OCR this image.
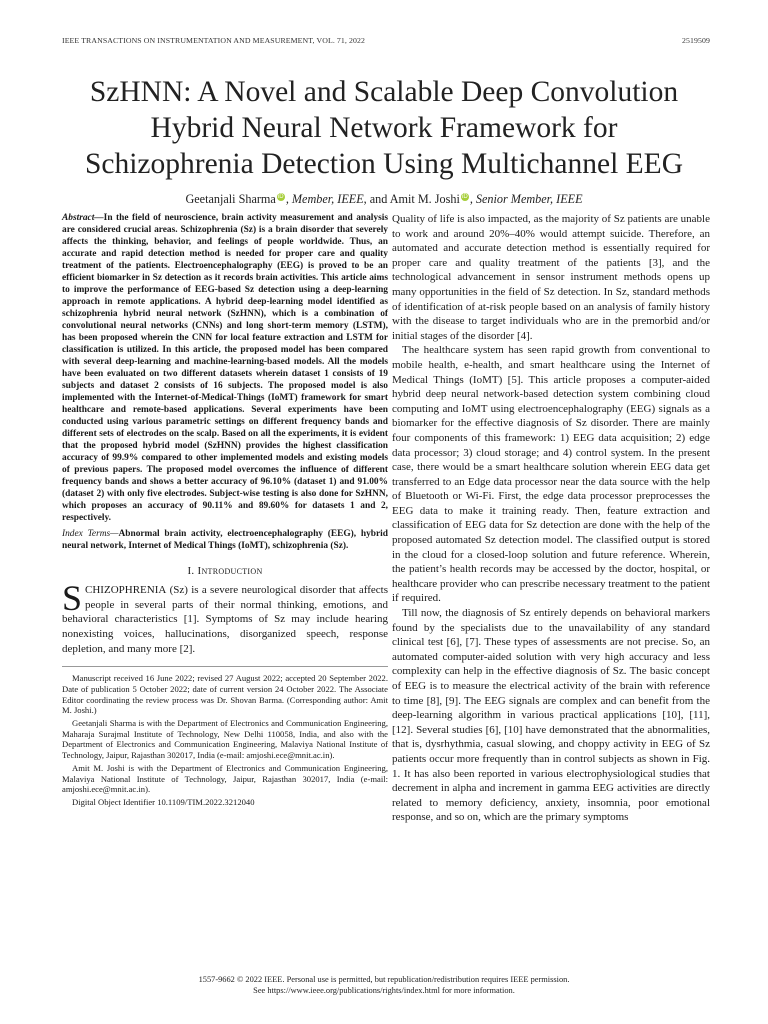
IEEE TRANSACTIONS ON INSTRUMENTATION AND MEASUREMENT, VOL. 71, 2022	2519509
SzHNN: A Novel and Scalable Deep Convolution
Hybrid Neural Network Framework for
Schizophrenia Detection Using Multichannel EEG
Geetanjali Sharma iD , Member, IEEE, and Amit M. Joshi iD , Senior Member, IEEE
Abstract—In the field of neuroscience, brain activity measurement and analysis are considered crucial areas. Schizophrenia (Sz) is a brain disorder that severely affects the thinking, behavior, and feelings of people worldwide. Thus, an accurate and rapid detection method is needed for proper care and quality treatment of the patients. Electroencephalography (EEG) is proved to be an efficient biomarker in Sz detection as it records brain activities. This article aims to improve the performance of EEG-based Sz detection using a deep-learning approach in remote applications. A hybrid deep-learning model identified as schizophrenia hybrid neural network (SzHNN), which is a combination of convolutional neural networks (CNNs) and long short-term memory (LSTM), has been proposed wherein the CNN for local feature extraction and LSTM for classification is utilized. In this article, the proposed model has been compared with several deep-learning and machine-learning-based models. All the models have been evaluated on two different datasets wherein dataset 1 consists of 19 subjects and dataset 2 consists of 16 subjects. The proposed model is also implemented with the Internet-of-Medical-Things (IoMT) framework for smart healthcare and remote-based applications. Several experiments have been conducted using various parametric settings on different frequency bands and different sets of electrodes on the scalp. Based on all the experiments, it is evident that the proposed hybrid model (SzHNN) provides the highest classification accuracy of 99.9% compared to other implemented models and existing models of previous papers. The proposed model overcomes the influence of different frequency bands and shows a better accuracy of 96.10% (dataset 1) and 91.00% (dataset 2) with only five electrodes. Subject-wise testing is also done for SzHNN, which proposes an accuracy of 90.11% and 89.60% for datasets 1 and 2, respectively.
Index Terms—Abnormal brain activity, electroencephalography (EEG), hybrid neural network, Internet of Medical Things (IoMT), schizophrenia (Sz).
I. Introduction
SCHIZOPHRENIA (Sz) is a severe neurological disorder that affects people in several parts of their normal thinking, emotions, and behavioral characteristics [1]. Symptoms of Sz may include hearing nonexisting voices, hallucinations, disorganized speech, response depletion, and many more [2].

Manuscript received 16 June 2022; revised 27 August 2022; accepted 20 September 2022. Date of publication 5 October 2022; date of current version 24 October 2022. The Associate Editor coordinating the review process was Dr. Shovan Barma. (Corresponding author: Amit M. Joshi.)

Geetanjali Sharma is with the Department of Electronics and Communication Engineering, Maharaja Surajmal Institute of Technology, New Delhi 110058, India, and also with the Department of Electronics and Communication Engineering, Malaviya National Institute of Technology, Jaipur, Rajasthan 302017, India (e-mail: amjoshi.ece@mnit.ac.in).

Amit M. Joshi is with the Department of Electronics and Communication Engineering, Malaviya National Institute of Technology, Jaipur, Rajasthan 302017, India (e-mail: amjoshi.ece@mnit.ac.in).

Digital Object Identifier 10.1109/TIM.2022.3212040

Quality of life is also impacted, as the majority of Sz patients are unable to work and around 20%–40% would attempt suicide. Therefore, an automated and accurate detection method is essentially required for proper care and quality treatment of the patients [3], and the technological advancement in sensor instrument methods opens up many opportunities in the field of Sz detection. In Sz, standard methods of identification of at-risk people based on an analysis of family history with the disease to target individuals who are in the premorbid and/or initial stages of the disorder [4].

The healthcare system has seen rapid growth from conventional to mobile health, e-health, and smart healthcare using the Internet of Medical Things (IoMT) [5]. This article proposes a computer-aided hybrid deep neural network-based detection system combining cloud computing and IoMT using electroencephalography (EEG) signals as a biomarker for the effective diagnosis of Sz disorder. There are mainly four components of this framework: 1) EEG data acquisition; 2) edge data processor; 3) cloud storage; and 4) control system. In the present case, there would be a smart healthcare solution wherein EEG data get transferred to an Edge data processor near the data source with the help of Bluetooth or Wi-Fi. First, the edge data processor preprocesses the EEG data to make it training ready. Then, feature extraction and classification of EEG data for Sz detection are done with the help of the proposed automated Sz detection model. The classified output is stored in the cloud for a closed-loop solution and future reference. Wherein, the patient’s health records may be accessed by the doctor, hospital, or healthcare provider who can prescribe necessary treatment to the patient if required.

Till now, the diagnosis of Sz entirely depends on behavioral markers found by the specialists due to the unavailability of any standard clinical test [6], [7]. These types of assessments are not precise. So, an automated computer-aided solution with very high accuracy and less complexity can help in the effective diagnosis of Sz. The basic concept of EEG is to measure the electrical activity of the brain with reference to time [8], [9]. The EEG signals are complex and can benefit from the deep-learning algorithm in various practical applications [10], [11], [12]. Several studies [6], [10] have demonstrated that the abnormalities, that is, dysrhythmia, casual slowing, and choppy activity in EEG of Sz patients occur more frequently than in control subjects as shown in Fig. 1. It has also been reported in various electrophysiological studies that decrement in alpha and increment in gamma EEG activities are directly related to memory deficiency, anxiety, insomnia, poor emotional response, and so on, which are the primary symptoms

1557-9662 © 2022 IEEE. Personal use is permitted, but republication/redistribution requires IEEE permission.
See https://www.ieee.org/publications/rights/index.html for more information.
